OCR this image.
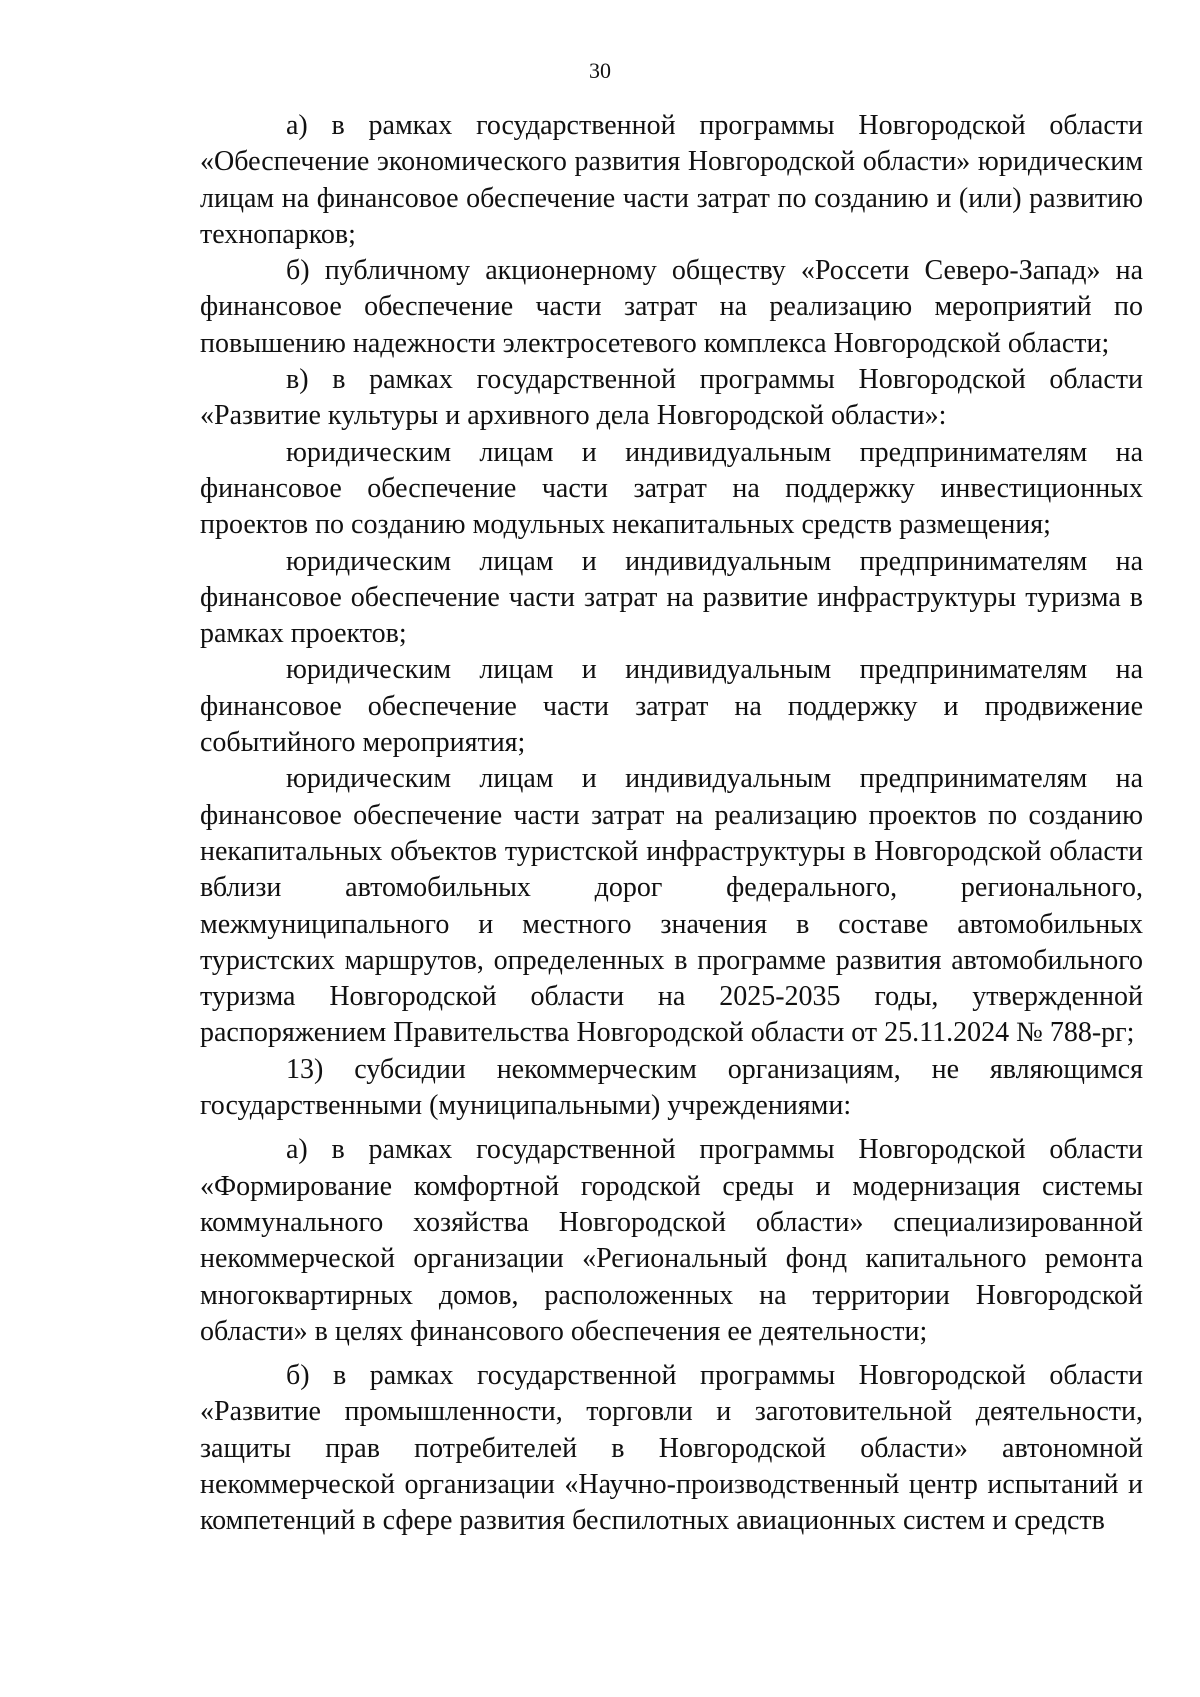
30

а) в рамках государственной программы Новгородской области «Обеспечение экономического развития Новгородской области» юридическим лицам на финансовое обеспечение части затрат по созданию и (или) развитию технопарков;

б) публичному акционерному обществу «Россети Северо-Запад» на финансовое обеспечение части затрат на реализацию мероприятий по повышению надежности электросетевого комплекса Новгородской области;

в) в рамках государственной программы Новгородской области «Развитие культуры и архивного дела Новгородской области»:

юридическим лицам и индивидуальным предпринимателям на финансовое обеспечение части затрат на поддержку инвестиционных проектов по созданию модульных некапитальных средств размещения;

юридическим лицам и индивидуальным предпринимателям на финансовое обеспечение части затрат на развитие инфраструктуры туризма в рамках проектов;

юридическим лицам и индивидуальным предпринимателям на финансовое обеспечение части затрат на поддержку и продвижение событийного мероприятия;

юридическим лицам и индивидуальным предпринимателям на финансовое обеспечение части затрат на реализацию проектов по созданию некапитальных объектов туристской инфраструктуры в Новгородской области вблизи автомобильных дорог федерального, регионального, межмуниципального и местного значения в составе автомобильных туристских маршрутов, определенных в программе развития автомобильного туризма Новгородской области на 2025-2035 годы, утвержденной распоряжением Правительства Новгородской области от 25.11.2024 № 788-рг;

13) субсидии некоммерческим организациям, не являющимся государственными (муниципальными) учреждениями:

а) в рамках государственной программы Новгородской области «Формирование комфортной городской среды и модернизация системы коммунального хозяйства Новгородской области» специализированной некоммерческой организации «Региональный фонд капитального ремонта многоквартирных домов, расположенных на территории Новгородской области» в целях финансового обеспечения ее деятельности;

б) в рамках государственной программы Новгородской области «Развитие промышленности, торговли и заготовительной деятельности, защиты прав потребителей в Новгородской области» автономной некоммерческой организации «Научно-производственный центр испытаний и компетенций в сфере развития беспилотных авиационных систем и средств
